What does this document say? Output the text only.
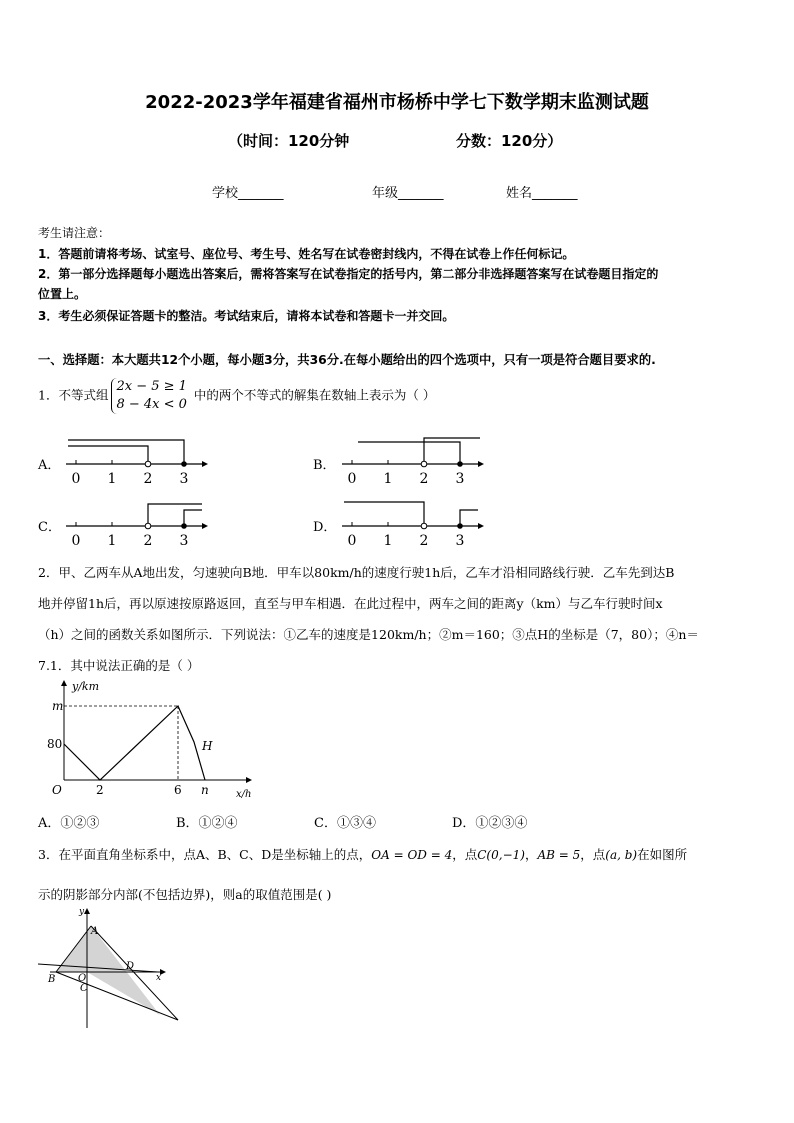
2022-2023学年福建省福州市杨桥中学七下数学期末监测试题
（时间：120分钟	分数：120分）
学校_______	年级_______	姓名_______
考生请注意：
1．答题前请将考场、试室号、座位号、考生号、姓名写在试卷密封线内，不得在试卷上作任何标记。
2．第一部分选择题每小题选出答案后，需将答案写在试卷指定的括号内，第二部分非选择题答案写在试卷题目指定的
位置上。
3．考生必须保证答题卡的整洁。考试结束后，请将本试卷和答题卡一并交回。
一、选择题：本大题共12个小题，每小题3分，共36分.在每小题给出的四个选项中，只有一项是符合题目要求的.
1．不等式组2x − 5 ≥ 1
8 − 4x < 0中的两个不等式的解集在数轴上表示为（ ）
A．
0 1 2 3
B．
0 1 2 3
C．
0 1 2 3
D．
0 1 2 3
2．甲、乙两车从A地出发，匀速驶向B地．甲车以80km/h的速度行驶1h后，乙车才沿相同路线行驶．乙车先到达B
地并停留1h后，再以原速按原路返回，直至与甲车相遇．在此过程中，两车之间的距离y（km）与乙车行驶时间x
（h）之间的函数关系如图所示．下列说法：①乙车的速度是120km/h；②m＝160；③点H的坐标是（7，80）；④n＝
7.1．其中说法正确的是（ ）
y/km
x/h
m
80
O	2	6 n
H
A．①②③	B．①②④	C．①③④	D．①②③④
3．在平面直角坐标系中，点A、B、C、D是坐标轴上的点，OA = OD = 4，点C(0,−1)，AB = 5，点(a, b)在如图所
示的阴影部分内部(不包括边界)，则a的取值范围是( )
y
x
A
B
C
D
O
